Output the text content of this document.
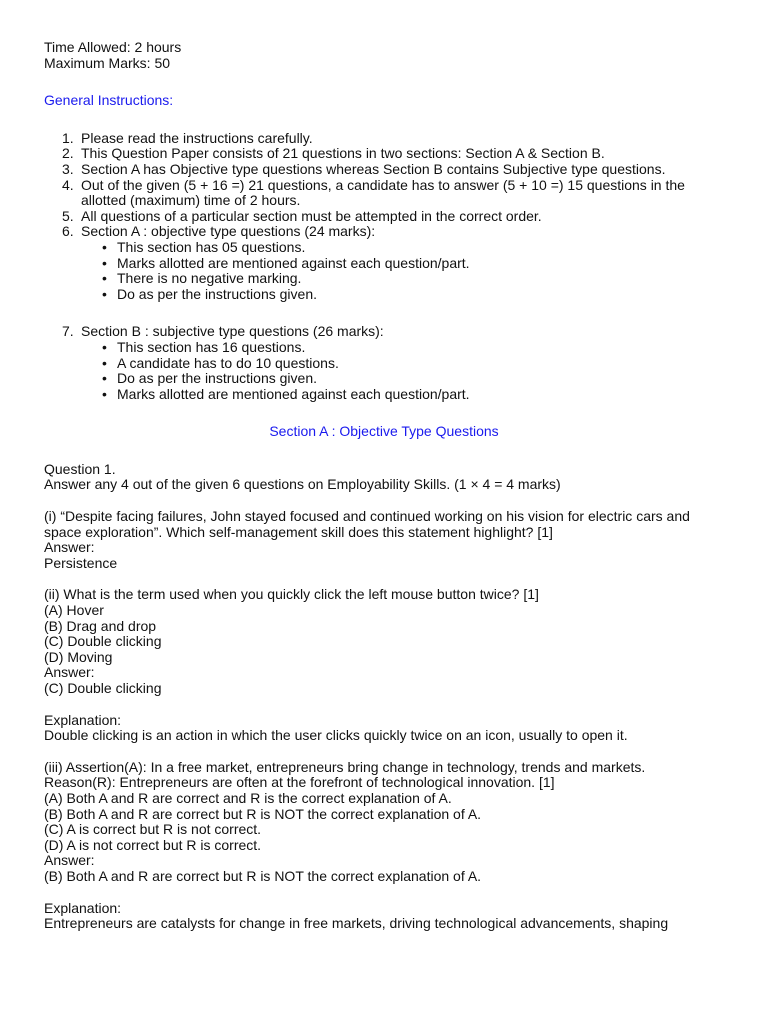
Time Allowed: 2 hours
Maximum Marks: 50
General Instructions:
1. Please read the instructions carefully.
2. This Question Paper consists of 21 questions in two sections: Section A & Section B.
3. Section A has Objective type questions whereas Section B contains Subjective type questions.
4. Out of the given (5 + 16 =) 21 questions, a candidate has to answer (5 + 10 =) 15 questions in the
allotted (maximum) time of 2 hours.
5. All questions of a particular section must be attempted in the correct order.
6. Section A : objective type questions (24 marks):
• This section has 05 questions.
• Marks allotted are mentioned against each question/part.
• There is no negative marking.
• Do as per the instructions given.
7. Section B : subjective type questions (26 marks):
• This section has 16 questions.
• A candidate has to do 10 questions.
• Do as per the instructions given.
• Marks allotted are mentioned against each question/part.
Section A : Objective Type Questions
Question 1.
Answer any 4 out of the given 6 questions on Employability Skills. (1 × 4 = 4 marks)
(i) “Despite facing failures, John stayed focused and continued working on his vision for electric cars and
space exploration”. Which self-management skill does this statement highlight? [1]
Answer:
Persistence
(ii) What is the term used when you quickly click the left mouse button twice? [1]
(A) Hover
(B) Drag and drop
(C) Double clicking
(D) Moving
Answer:
(C) Double clicking
Explanation:
Double clicking is an action in which the user clicks quickly twice on an icon, usually to open it.
(iii) Assertion(A): In a free market, entrepreneurs bring change in technology, trends and markets.
Reason(R): Entrepreneurs are often at the forefront of technological innovation. [1]
(A) Both A and R are correct and R is the correct explanation of A.
(B) Both A and R are correct but R is NOT the correct explanation of A.
(C) A is correct but R is not correct.
(D) A is not correct but R is correct.
Answer:
(B) Both A and R are correct but R is NOT the correct explanation of A.
Explanation:
Entrepreneurs are catalysts for change in free markets, driving technological advancements, shaping
